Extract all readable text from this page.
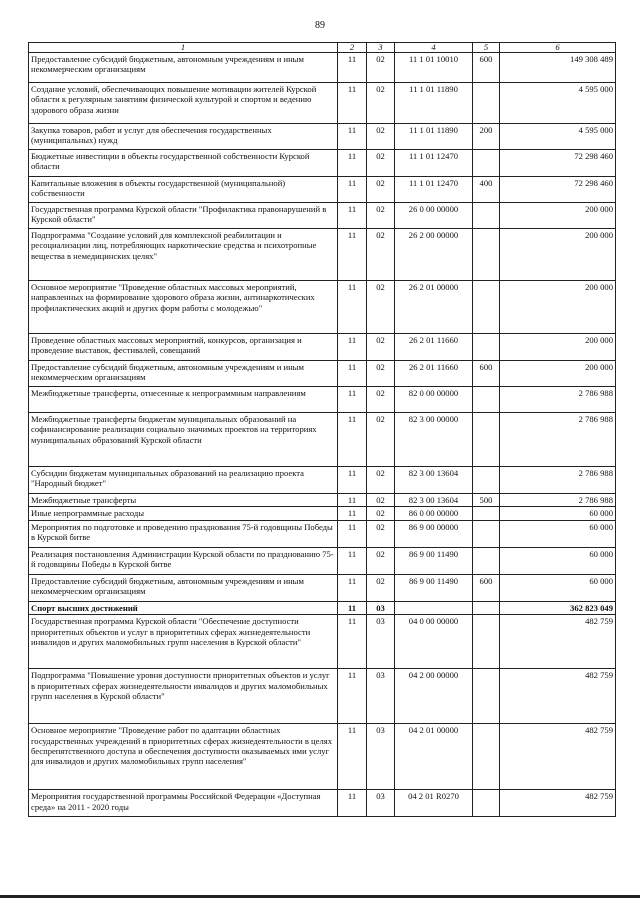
89
1	2	3	4	5	6
Предоставление субсидий бюджетным, автономным учреждениям и иным некоммерческим организациям	11	02	11 1 01 10010	600	149 308 489
Создание условий, обеспечивающих повышение мотивации жителей Курской области к регулярным занятиям физической культурой и спортом и ведению здорового образа жизни	11	02	11 1 01 11890		4 595 000
Закупка товаров, работ и услуг для обеспечения государственных (муниципальных) нужд	11	02	11 1 01 11890	200	4 595 000
Бюджетные инвестиции в объекты государственной собственности Курской области	11	02	11 1 01 12470		72 298 460
Капитальные вложения в объекты государственной (муниципальной) собственности	11	02	11 1 01 12470	400	72 298 460
Государственная программа Курской области "Профилактика правонарушений в Курской области"	11	02	26 0 00 00000		200 000
Подпрограмма "Создание условий для комплексной реабилитации и ресоциализации лиц, потребляющих наркотические средства и психотропные вещества в немедицинских целях"	11	02	26 2 00 00000		200 000
Основное мероприятие "Проведение областных массовых мероприятий, направленных на формирование здорового образа жизни, антинаркотических профилактических акций и других форм работы с молодежью"	11	02	26 2 01 00000		200 000
Проведение областных массовых мероприятий, конкурсов, организация и проведение выставок, фестивалей, совещаний	11	02	26 2 01 11660		200 000
Предоставление субсидий бюджетным, автономным учреждениям и иным некоммерческим организациям	11	02	26 2 01 11660	600	200 000
Межбюджетные трансферты, отнесенные к непрограммным направлениям	11	02	82 0 00 00000		2 786 988
Межбюджетные трансферты бюджетам муниципальных образований на софинансирование реализации социально значимых проектов на территориях муниципальных образований Курской области	11	02	82 3 00 00000		2 786 988
Субсидии бюджетам муниципальных образований на реализацию проекта "Народный бюджет"	11	02	82 3 00 13604		2 786 988
Межбюджетные трансферты	11	02	82 3 00 13604	500	2 786 988
Иные непрограммные расходы	11	02	86 0 00 00000		60 000
Мероприятия по подготовке и проведению празднования 75-й годовщины Победы в Курской битве	11	02	86 9 00 00000		60 000
Реализация постановления Администрации Курской области по празднованию 75-й годовщины Победы в Курской битве	11	02	86 9 00 11490		60 000
Предоставление субсидий бюджетным, автономным учреждениям и иным некоммерческим организациям	11	02	86 9 00 11490	600	60 000
Спорт высших достижений	11	03			362 823 049
Государственная программа Курской области "Обеспечение доступности приоритетных объектов и услуг в приоритетных сферах жизнедеятельности инвалидов и других маломобильных групп населения в Курской области"	11	03	04 0 00 00000		482 759
Подпрограмма "Повышение уровня доступности приоритетных объектов и услуг в приоритетных сферах жизнедеятельности инвалидов и других маломобильных групп населения в Курской области"	11	03	04 2 00 00000		482 759
Основное мероприятие "Проведение работ по адаптации областных государственных учреждений в приоритетных сферах жизнедеятельности в целях беспрепятственного доступа и обеспечения доступности оказываемых ими услуг для инвалидов и других маломобильных групп населения"	11	03	04 2 01 00000		482 759
Мероприятия государственной программы Российской Федерации «Доступная среда» на 2011 - 2020 годы	11	03	04 2 01 R0270		482 759
